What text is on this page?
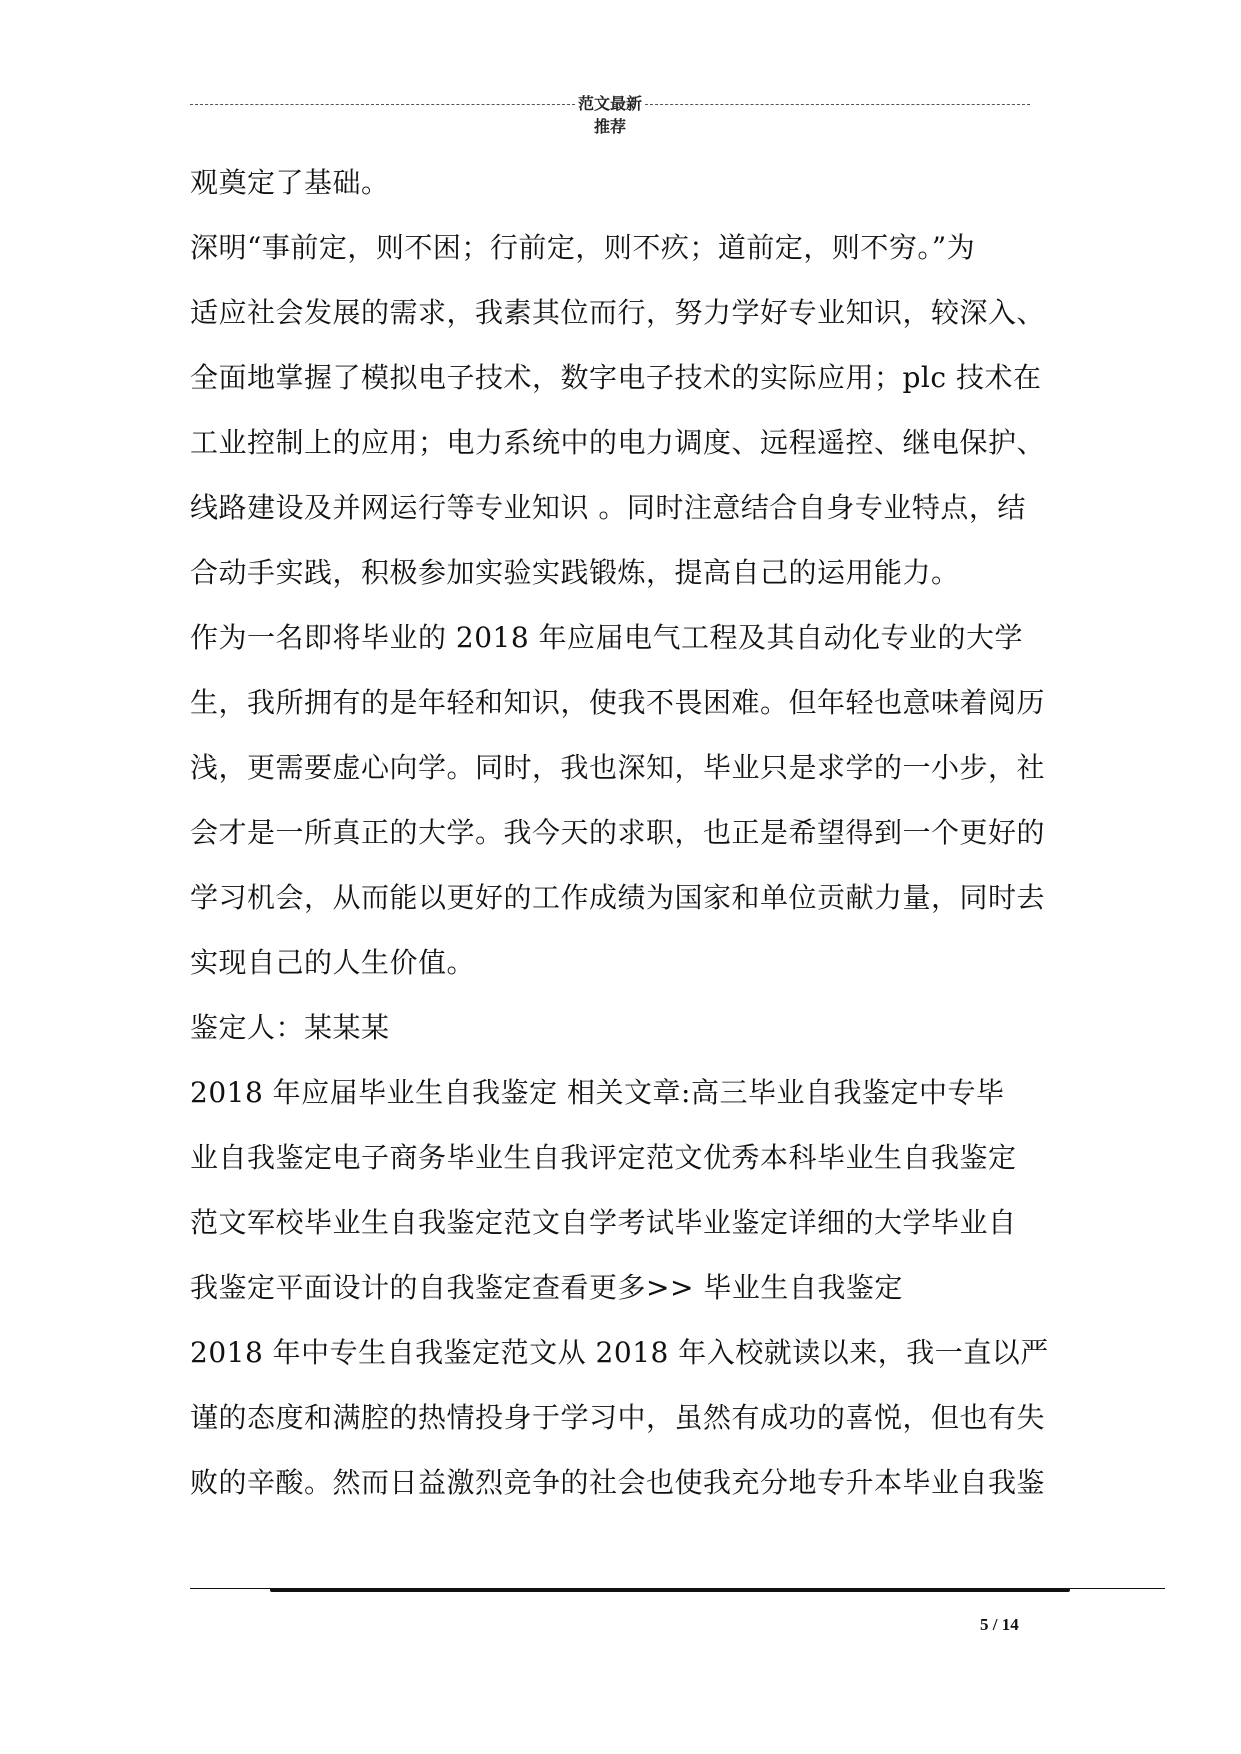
范文最新推荐

观奠定了基础。

深明“事前定，则不困；行前定，则不疚；道前定，则不穷。”为
适应社会发展的需求，我素其位而行，努力学好专业知识，较深入、
全面地掌握了模拟电子技术，数字电子技术的实际应用；plc 技术在
工业控制上的应用；电力系统中的电力调度、远程遥控、继电保护、
线路建设及并网运行等专业知识 。同时注意结合自身专业特点，结
合动手实践，积极参加实验实践锻炼，提高自己的运用能力。

作为一名即将毕业的 2018 年应届电气工程及其自动化专业的大学
生，我所拥有的是年轻和知识，使我不畏困难。但年轻也意味着阅历
浅，更需要虚心向学。同时，我也深知，毕业只是求学的一小步，社
会才是一所真正的大学。我今天的求职，也正是希望得到一个更好的
学习机会，从而能以更好的工作成绩为国家和单位贡献力量，同时去
实现自己的人生价值。

鉴定人：某某某

2018 年应届毕业生自我鉴定 相关文章:高三毕业自我鉴定中专毕
业自我鉴定电子商务毕业生自我评定范文优秀本科毕业生自我鉴定
范文军校毕业生自我鉴定范文自学考试毕业鉴定详细的大学毕业自
我鉴定平面设计的自我鉴定查看更多>> 毕业生自我鉴定

2018 年中专生自我鉴定范文从 2018 年入校就读以来，我一直以严
谨的态度和满腔的热情投身于学习中，虽然有成功的喜悦，但也有失
败的辛酸。然而日益激烈竞争的社会也使我充分地专升本毕业自我鉴

5 / 14
